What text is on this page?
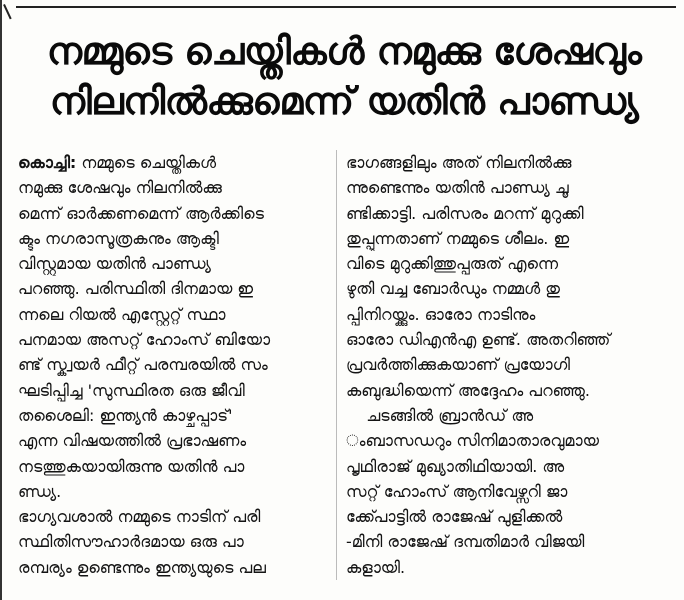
നമ്മുടെ ചെയ്തികൾ നമുക്കു ശേഷവും
നിലനിൽക്കുമെന്ന് യതിൻ പാണ്ഡ്യ
കൊച്ചി: നമ്മുടെ ചെയ്തികൾ
നമുക്കു ശേഷവും നിലനിൽക്കു
മെന്ന് ഓർക്കണമെന്ന് ആർക്കിടെ
ക്ടും നഗരാസൂത്രകനും ആക്ടി
വിസ്റ്റുമായ യതിൻ പാണ്ഡ്യ
പറഞ്ഞു. പരിസ്ഥിതി ദിനമായ ഇ
ന്നലെ റിയൽ എസ്റ്റേറ്റ് സ്ഥാ
പനമായ അസറ്റ് ഹോംസ് ബിയോ
ണ്ട് സ്ക്വയർ ഫീറ്റ് പരമ്പരയിൽ സം
ഘടിപ്പിച്ച 'സുസ്ഥിരത ഒരു ജീവി
തശൈലി: ഇന്ത്യൻ കാഴ്ചപ്പാട്'
എന്ന വിഷയത്തിൽ പ്രഭാഷണം
നടത്തുകയായിരുന്നു യതിൻ പാ
ണ്ഡ്യ.
ഭാഗ്യവശാൽ നമ്മുടെ നാടിന് പരി
സ്ഥിതിസൗഹാർദമായ ഒരു പാ
രമ്പര്യം ഉണ്ടെന്നും ഇന്ത്യയുടെ പല
ഭാഗങ്ങളിലും അത് നിലനിൽക്കു
ന്നുണ്ടെന്നും യതിൻ പാണ്ഡ്യ ചൂ
ണ്ടിക്കാട്ടി. പരിസരം മറന്ന് മുറുക്കി
തുപ്പുന്നതാണ് നമ്മുടെ ശീലം. ഇ
വിടെ മുറുക്കിത്തുപ്പരുത് എന്നെ
ഴുതി വച്ച ബോർഡും നമ്മൾ തു
പ്പിനിറയ്ക്കും. ഓരോ നാടിനും
ഓരോ ഡിഎൻഎ ഉണ്ട്. അതറിഞ്ഞ്
പ്രവർത്തിക്കുകയാണ് പ്രയോഗി
കബുദ്ധിയെന്ന് അദ്ദേഹം പറഞ്ഞു.
ചടങ്ങിൽ ബ്രാൻഡ് അ
ംബാസഡറും സിനിമാതാരവുമായ
പൃഥിരാജ് മുഖ്യാതിഥിയായി. അ
സറ്റ് ഹോംസ് ആനിവേഴ്സറി ജാ
ക്ക്പോട്ടിൽ രാജേഷ് പുളിക്കൽ
-മിനി രാജേഷ് ദമ്പതിമാർ വിജയി
കളായി.
